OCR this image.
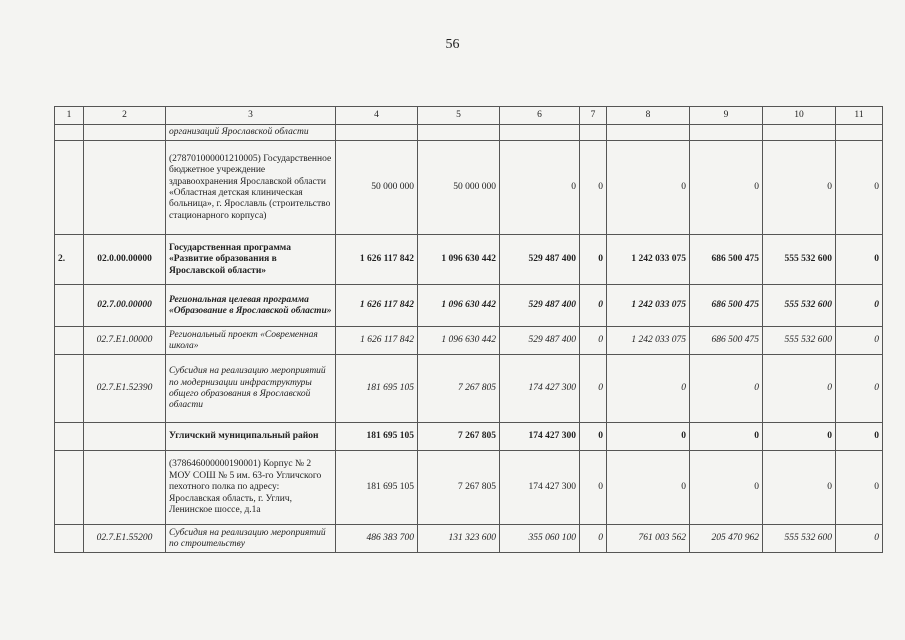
56
1	2	3	4	5	6	7	8	9	10	11
		организаций Ярославской области								
		(278701000001210005) Государственное бюджетное учреждение здравоохранения Ярославской области «Областная детская клиническая больница», г. Ярославль (строительство стационарного корпуса)	50 000 000	50 000 000	0	0	0	0	0	0
2.	02.0.00.00000	Государственная программа «Развитие образования в Ярославской области»	1 626 117 842	1 096 630 442	529 487 400	0	1 242 033 075	686 500 475	555 532 600	0
	02.7.00.00000	Региональная целевая программа «Образование в Ярославской области»	1 626 117 842	1 096 630 442	529 487 400	0	1 242 033 075	686 500 475	555 532 600	0
	02.7.E1.00000	Региональный проект «Современная школа»	1 626 117 842	1 096 630 442	529 487 400	0	1 242 033 075	686 500 475	555 532 600	0
	02.7.E1.52390	Субсидия на реализацию мероприятий по модернизации инфраструктуры общего образования в Ярославской области	181 695 105	7 267 805	174 427 300	0	0	0	0	0
		Угличский муниципальный район	181 695 105	7 267 805	174 427 300	0	0	0	0	0
		(378646000000190001) Корпус № 2 МОУ СОШ № 5 им. 63-го Угличского пехотного полка по адресу: Ярославская область, г. Углич, Ленинское шоссе, д.1а	181 695 105	7 267 805	174 427 300	0	0	0	0	0
	02.7.E1.55200	Субсидия на реализацию мероприятий по строительству	486 383 700	131 323 600	355 060 100	0	761 003 562	205 470 962	555 532 600	0
